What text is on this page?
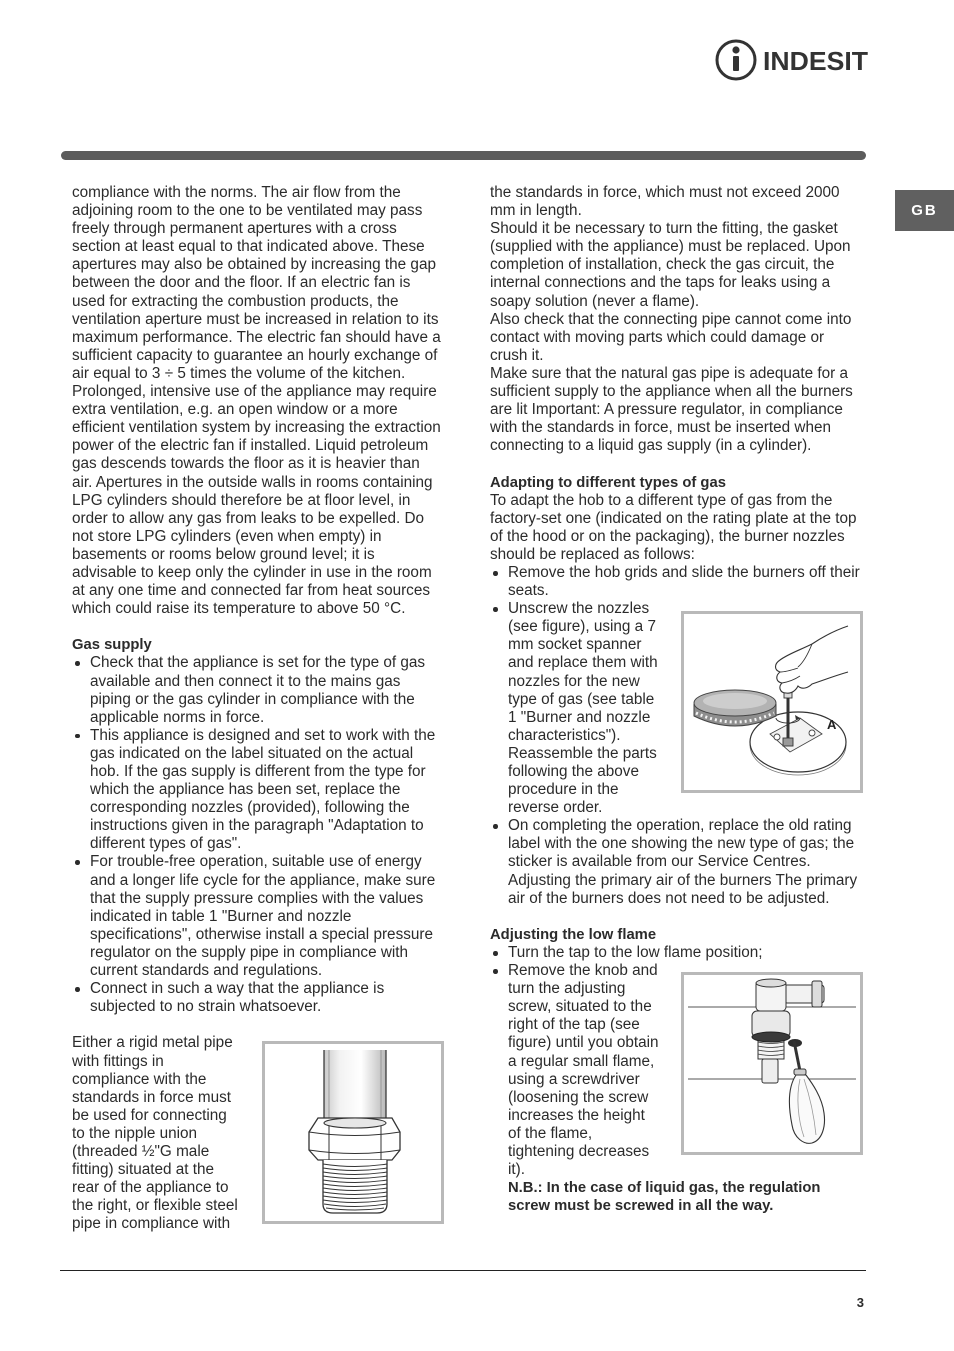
INDESIT
GB
compliance with the norms. The air flow from the
adjoining room to the one to be ventilated may pass
freely through permanent apertures with a cross
section at least equal to that indicated above. These
apertures may also be obtained by increasing the gap
between the door and the floor. If an electric fan is
used for extracting the combustion products, the
ventilation aperture must be increased in relation to its
maximum performance. The electric fan should have a
sufficient capacity to guarantee an hourly exchange of
air equal to 3 ÷ 5 times the volume of the kitchen.
Prolonged, intensive use of the appliance may require
extra ventilation, e.g. an open window or a more
efficient ventilation system by increasing the extraction
power of the electric fan if installed. Liquid petroleum
gas descends towards the floor as it is heavier than
air. Apertures in the outside walls in rooms containing
LPG cylinders should therefore be at floor level, in
order to allow any gas from leaks to be expelled. Do
not store LPG cylinders (even when empty) in
basements or rooms below ground level; it is
advisable to keep only the cylinder in use in the room
at any one time and connected far from heat sources
which could raise its temperature to above 50 °C.
Gas supply
Check that the appliance is set for the type of gas
available and then connect it to the mains gas
piping or the gas cylinder in compliance with the
applicable norms in force.
This appliance is designed and set to work with the
gas indicated on the label situated on the actual
hob. If the gas supply is different from the type for
which the appliance has been set, replace the
corresponding nozzles (provided), following the
instructions given in the paragraph "Adaptation to
different types of gas".
For trouble-free operation, suitable use of energy
and a longer life cycle for the appliance, make sure
that the supply pressure complies with the values
indicated in table 1 "Burner and nozzle
specifications", otherwise install a special pressure
regulator on the supply pipe in compliance with
current standards and regulations.
Connect in such a way that the appliance is
subjected to no strain whatsoever.
Either a rigid metal pipe
with fittings in
compliance with the
standards in force must
be used for connecting
to the nipple union
(threaded ½"G male
fitting) situated at the
rear of the appliance to
the right, or flexible steel
pipe in compliance with
the standards in force, which must not exceed 2000
mm in length.
Should it be necessary to turn the fitting, the gasket
(supplied with the appliance) must be replaced. Upon
completion of installation, check the gas circuit, the
internal connections and the taps for leaks using a
soapy solution (never a flame).
Also check that the connecting pipe cannot come into
contact with moving parts which could damage or
crush it.
Make sure that the natural gas pipe is adequate for a
sufficient supply to the appliance when all the burners
are lit Important: A pressure regulator, in compliance
with the standards in force, must be inserted when
connecting to a liquid gas supply (in a cylinder).
Adapting to different types of gas
To adapt the hob to a different type of gas from the
factory-set one (indicated on the rating plate at the top
of the hood or on the packaging), the burner nozzles
should be replaced as follows:
Remove the hob grids and slide the burners off their
seats.
Unscrew the nozzles
(see figure), using a 7
mm socket spanner
and replace them with
nozzles for the new
type of gas (see table
1 "Burner and nozzle
characteristics").
Reassemble the parts
following the above
procedure in the
reverse order.
On completing the operation, replace the old rating
label with the one showing the new type of gas; the
sticker is available from our Service Centres.
Adjusting the primary air of the burners The primary
air of the burners does not need to be adjusted.
Adjusting the low flame
Turn the tap to the low flame position;
Remove the knob and
turn the adjusting
screw, situated to the
right of the tap (see
figure) until you obtain
a regular small flame,
using a screwdriver
(loosening the screw
increases the height
of the flame,
tightening decreases
it).
N.B.: In the case of liquid gas, the regulation
screw must be screwed in all the way.
A
3
